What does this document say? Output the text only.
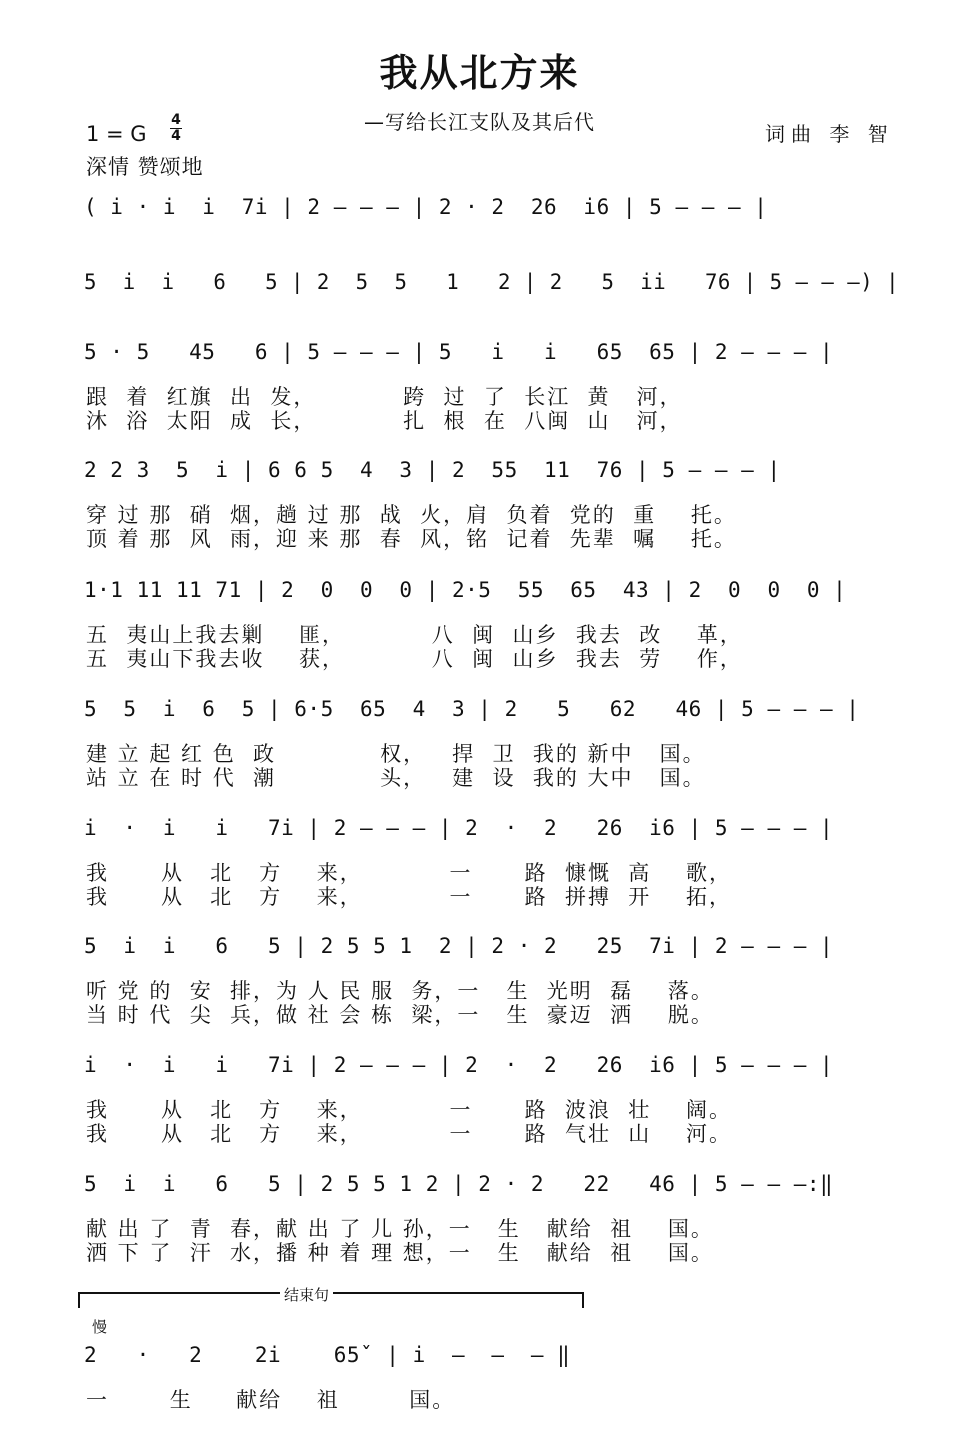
我从北方来
—写给长江支队及其后代	词曲 李 智
1 = G
4
4
深情 赞颂地
( i · i  i  7i | 2 — — — | 2 · 2  26  i6 | 5 — — — |
5  i  i   6   5 | 2  5  5   1   2 | 2   5  ii   76 | 5 — — —) |
5 · 5   45   6 | 5 — — — | 5   i   i   65  65 | 2 — — — |
跟  着  红旗  出  发，          跨  过  了  长江  黄   河，
沐  浴  太阳  成  长，          扎  根  在  八闽  山   河，
2 2 3  5  i | 6 6 5  4  3 | 2  55  11  76 | 5 — — — |
穿 过 那  硝  烟，趟 过 那  战  火，肩  负着  党的  重    托。
顶 着 那  风  雨，迎 来 那  春  风，铭  记着  先辈  嘱    托。
1·1 11 11 71 | 2  0  0  0 | 2·5  55  65  43 | 2  0  0  0 |
五  夷山上我去剿    匪，          八  闽  山乡  我去  改    革，
五  夷山下我去收    获，          八  闽  山乡  我去  劳    作，
5  5  i  6  5 | 6·5  65  4  3 | 2   5   62   46 | 5 — — — |
建 立 起 红 色  政            权，   捍  卫  我的 新中   国。
站 立 在 时 代  潮            头，   建  设  我的 大中   国。
i  ·  i   i   7i | 2 — — — | 2  ·  2   26  i6 | 5 — — — |
我      从   北   方    来，          一      路  慷慨  高    歌，
我      从   北   方    来，          一      路  拼搏  开    拓，
5  i  i   6   5 | 2 5 5 1  2 | 2 · 2   25  7i | 2 — — — |
听 党 的  安  排，为 人 民 服  务，一   生  光明  磊    落。
当 时 代  尖  兵，做 社 会 栋  梁，一   生  豪迈  洒    脱。
i  ·  i   i   7i | 2 — — — | 2  ·  2   26  i6 | 5 — — — |
我      从   北   方    来，          一      路  波浪  壮    阔。
我      从   北   方    来，          一      路  气壮  山    河。
5  i  i   6   5 | 2 5 5 1 2 | 2 · 2   22   46 | 5 — — —:‖
献 出 了  青  春，献 出 了 儿 孙，一   生   献给  祖    国。
洒 下 了  汗  水，播 种 着 理 想，一   生   献给  祖    国。
2   ·   2    2i    65ˇ | i  —  —  — ‖
一       生     献给    祖        国。
结束句
慢
